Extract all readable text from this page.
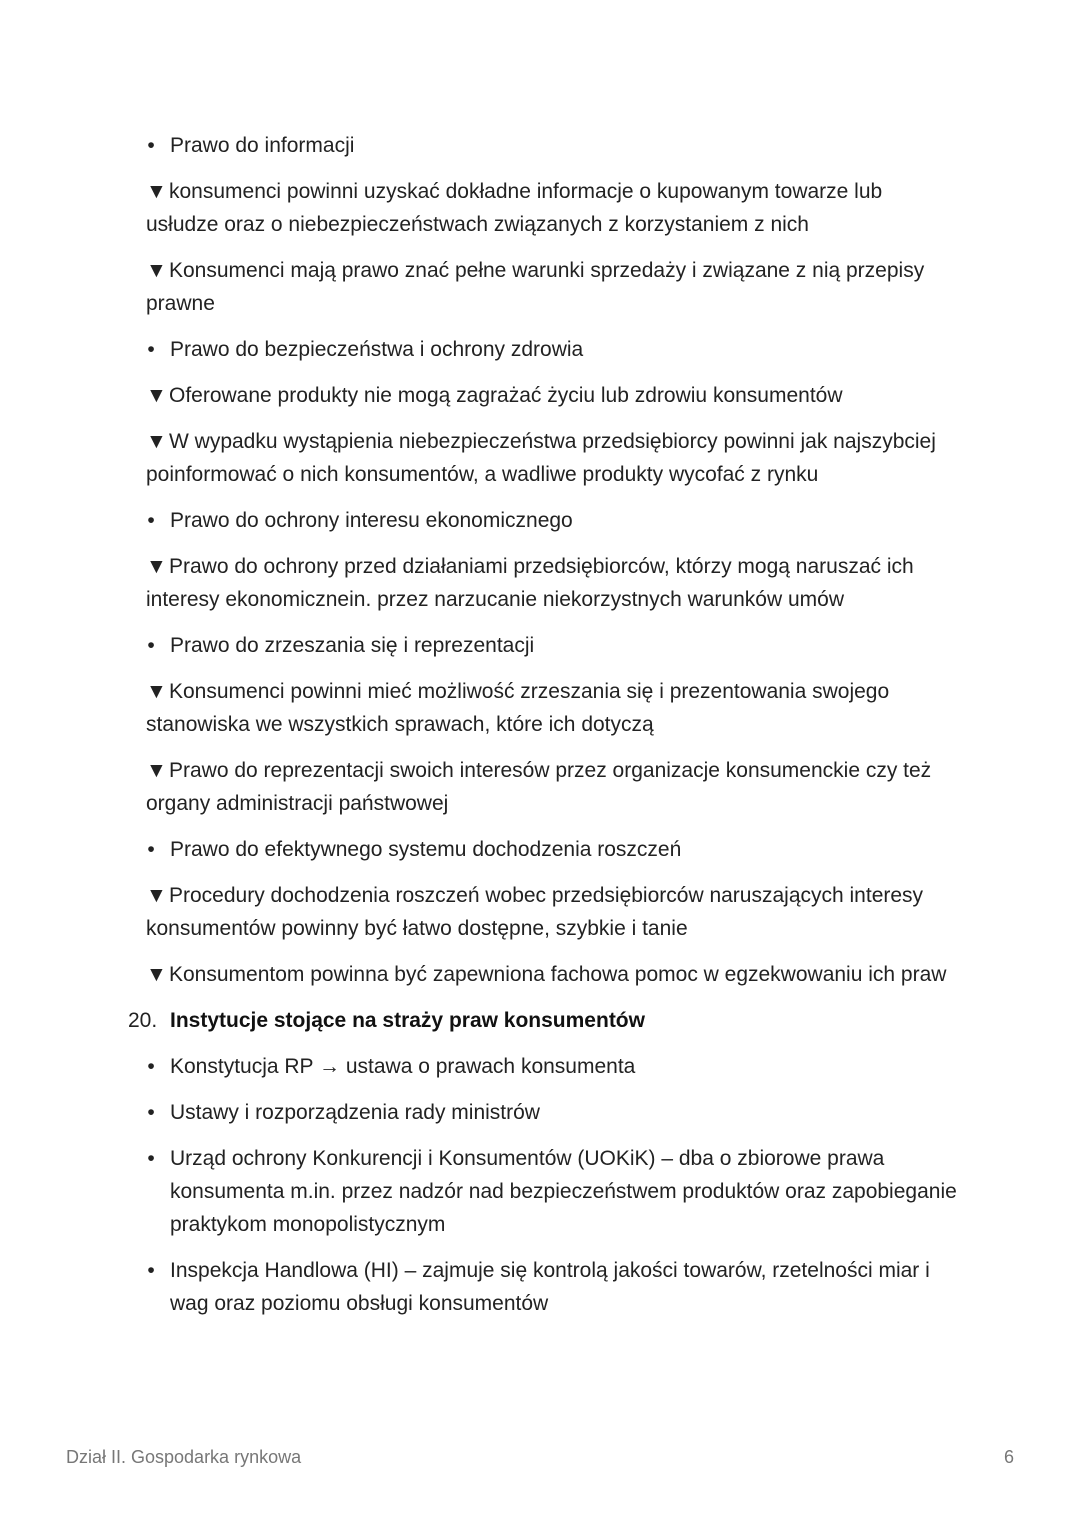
• Prawo do informacji

▼ konsumenci powinni uzyskać dokładne informacje o kupowanym towarze lub usłudze oraz o niebezpieczeństwach związanych z korzystaniem z nich

▼ Konsumenci mają prawo znać pełne warunki sprzedaży i związane z nią przepisy prawne

• Prawo do bezpieczeństwa i ochrony zdrowia

▼ Oferowane produkty nie mogą zagrażać życiu lub zdrowiu konsumentów

▼ W wypadku wystąpienia niebezpieczeństwa przedsiębiorcy powinni jak najszybciej poinformować o nich konsumentów, a wadliwe produkty wycofać z rynku

• Prawo do ochrony interesu ekonomicznego

▼ Prawo do ochrony przed działaniami przedsiębiorców, którzy mogą naruszać ich interesy ekonomicznein. przez narzucanie niekorzystnych warunków umów

• Prawo do zrzeszania się i reprezentacji

▼ Konsumenci powinni mieć możliwość zrzeszania się i prezentowania swojego stanowiska we wszystkich sprawach, które ich dotyczą

▼ Prawo do reprezentacji swoich interesów przez organizacje konsumenckie czy też organy administracji państwowej

• Prawo do efektywnego systemu dochodzenia roszczeń

▼ Procedury dochodzenia roszczeń wobec przedsiębiorców naruszających interesy konsumentów powinny być łatwo dostępne, szybkie i tanie

▼ Konsumentom powinna być zapewniona fachowa pomoc w egzekwowaniu ich praw

20. Instytucje stojące na straży praw konsumentów

• Konstytucja RP → ustawa o prawach konsumenta

• Ustawy i rozporządzenia rady ministrów

• Urząd ochrony Konkurencji i Konsumentów (UOKiK) – dba o zbiorowe prawa konsumenta m.in. przez nadzór nad bezpieczeństwem produktów oraz zapobieganie praktykom monopolistycznym

• Inspekcja Handlowa (HI) – zajmuje się kontrolą jakości towarów, rzetelności miar i wag oraz poziomu obsługi konsumentów

Dział II. Gospodarka rynkowa	6
